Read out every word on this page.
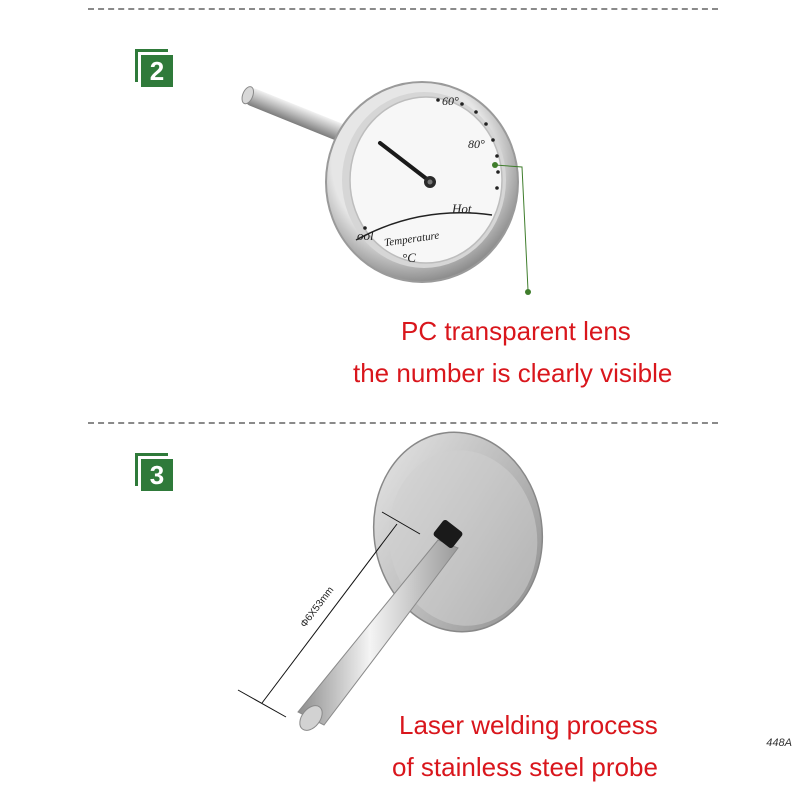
2
60°
80°
Hot
ool Temperature
°C
Φ6X53mm
PC transparent lens
the number is clearly visible
3
Laser welding process
of stainless steel probe
448A
